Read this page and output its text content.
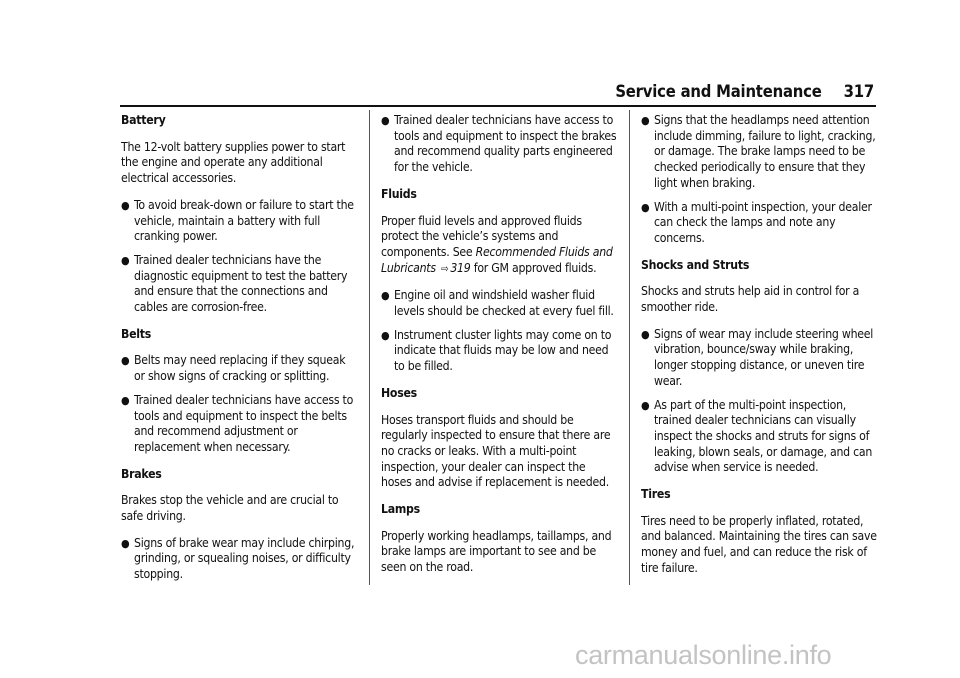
Service and Maintenance 317
Battery
The 12-volt battery supplies power to start the engine and operate any additional electrical accessories.
● To avoid break-down or failure to start the vehicle, maintain a battery with full cranking power.
● Trained dealer technicians have the diagnostic equipment to test the battery and ensure that the connections and cables are corrosion-free.
Belts
● Belts may need replacing if they squeak or show signs of cracking or splitting.
● Trained dealer technicians have access to tools and equipment to inspect the belts and recommend adjustment or replacement when necessary.
Brakes
Brakes stop the vehicle and are crucial to safe driving.
● Signs of brake wear may include chirping, grinding, or squealing noises, or difficulty stopping.
● Trained dealer technicians have access to tools and equipment to inspect the brakes and recommend quality parts engineered for the vehicle.
Fluids
Proper fluid levels and approved fluids protect the vehicle’s systems and components. See Recommended Fluids and Lubricants ⇨ 319 for GM approved fluids.
● Engine oil and windshield washer fluid levels should be checked at every fuel fill.
● Instrument cluster lights may come on to indicate that fluids may be low and need to be filled.
Hoses
Hoses transport fluids and should be regularly inspected to ensure that there are no cracks or leaks. With a multi-point inspection, your dealer can inspect the hoses and advise if replacement is needed.
Lamps
Properly working headlamps, taillamps, and brake lamps are important to see and be seen on the road.
● Signs that the headlamps need attention include dimming, failure to light, cracking, or damage. The brake lamps need to be checked periodically to ensure that they light when braking.
● With a multi-point inspection, your dealer can check the lamps and note any concerns.
Shocks and Struts
Shocks and struts help aid in control for a smoother ride.
● Signs of wear may include steering wheel vibration, bounce/sway while braking, longer stopping distance, or uneven tire wear.
● As part of the multi-point inspection, trained dealer technicians can visually inspect the shocks and struts for signs of leaking, blown seals, or damage, and can advise when service is needed.
Tires
Tires need to be properly inflated, rotated, and balanced. Maintaining the tires can save money and fuel, and can reduce the risk of tire failure.
carmanualsonline.info
